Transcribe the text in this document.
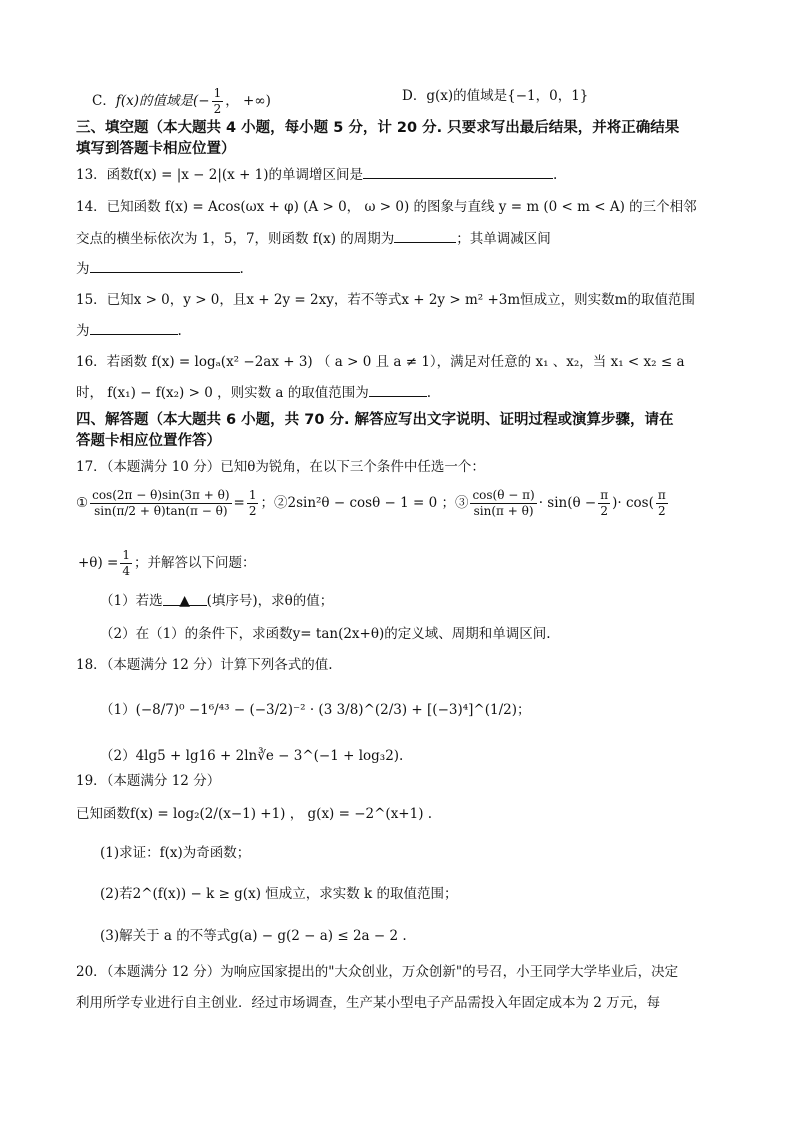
C．f(x)的值域是(− $\frac{1}{2}$ ， +∞)	D．g(x)的值域是{−1，0，1}
三、填空题（本大题共 4 小题，每小题 5 分，计 20 分. 只要求写出最后结果，并将正确结果
填写到答题卡相应位置）
13．函数f(x) = |x − 2|(x + 1)的单调增区间是	.
14．已知函数 f(x) = Acos(ωx + φ) (A > 0， ω > 0) 的图象与直线 y = m (0 < m < A) 的三个相邻
交点的横坐标依次为 1，5，7，则函数 f(x) 的周期为	；其单调减区间
为	.
15．已知x > 0，y > 0，且x + 2y = 2xy，若不等式x + 2y > m² +3m恒成立，则实数m的取值范围
为	.
16．若函数 f(x) = logₐ(x² −2ax + 3) （ a > 0 且 a ≠ 1），满足对任意的 x₁ 、x₂，当 x₁ < x₂ ≤ a
时， f(x₁) − f(x₂) > 0 ，则实数 a 的取值范围为	.
四、解答题（本大题共 6 小题，共 70 分. 解答应写出文字说明、证明过程或演算步骤，请在
答题卡相应位置作答）
17．（本题满分 10 分）已知θ为锐角，在以下三个条件中任选一个：
① $\frac{\cos(2\pi - \theta)\sin(3\pi + \theta)}{\sin(\pi/2 + \theta)\tan(\pi - \theta)} = \frac{1}{2}$ ；②2sin²θ − cosθ − 1 = 0 ；③ $\frac{\cos(\theta - \pi)}{\sin(\pi + \theta)} \cdot \sin(\theta - \frac{\pi}{2}$ )· $\cos( \frac{\pi}{2}$
$+\theta) = \frac{1}{4}$ ；并解答以下问题：
（1）若选 ▲ (填序号)，求θ的值；
（2）在（1）的条件下，求函数y= tan(2x+θ)的定义域、周期和单调区间.
18．（本题满分 12 分）计算下列各式的值.
（1）(−8/7)⁰ −1⁶/⁴³ − (−3/2)⁻² · (3 3/8)^(2/3) + [(−3)⁴]^(1/2)；
（2）4lg5 + lg16 + 2ln∛e − 3^(−1 + log₃2).
19．（本题满分 12 分）
已知函数f(x) = log₂(2/(x−1) +1) ， g(x) = −2^(x+1) .
(1)求证：f(x)为奇函数；
(2)若2^(f(x)) − k ≥ g(x) 恒成立，求实数 k 的取值范围；
(3)解关于 a 的不等式g(a) − g(2 − a) ≤ 2a − 2 .
20．（本题满分 12 分）为响应国家提出的"大众创业，万众创新"的号召，小王同学大学毕业后，决定
利用所学专业进行自主创业．经过市场调查，生产某小型电子产品需投入年固定成本为 2 万元，每
